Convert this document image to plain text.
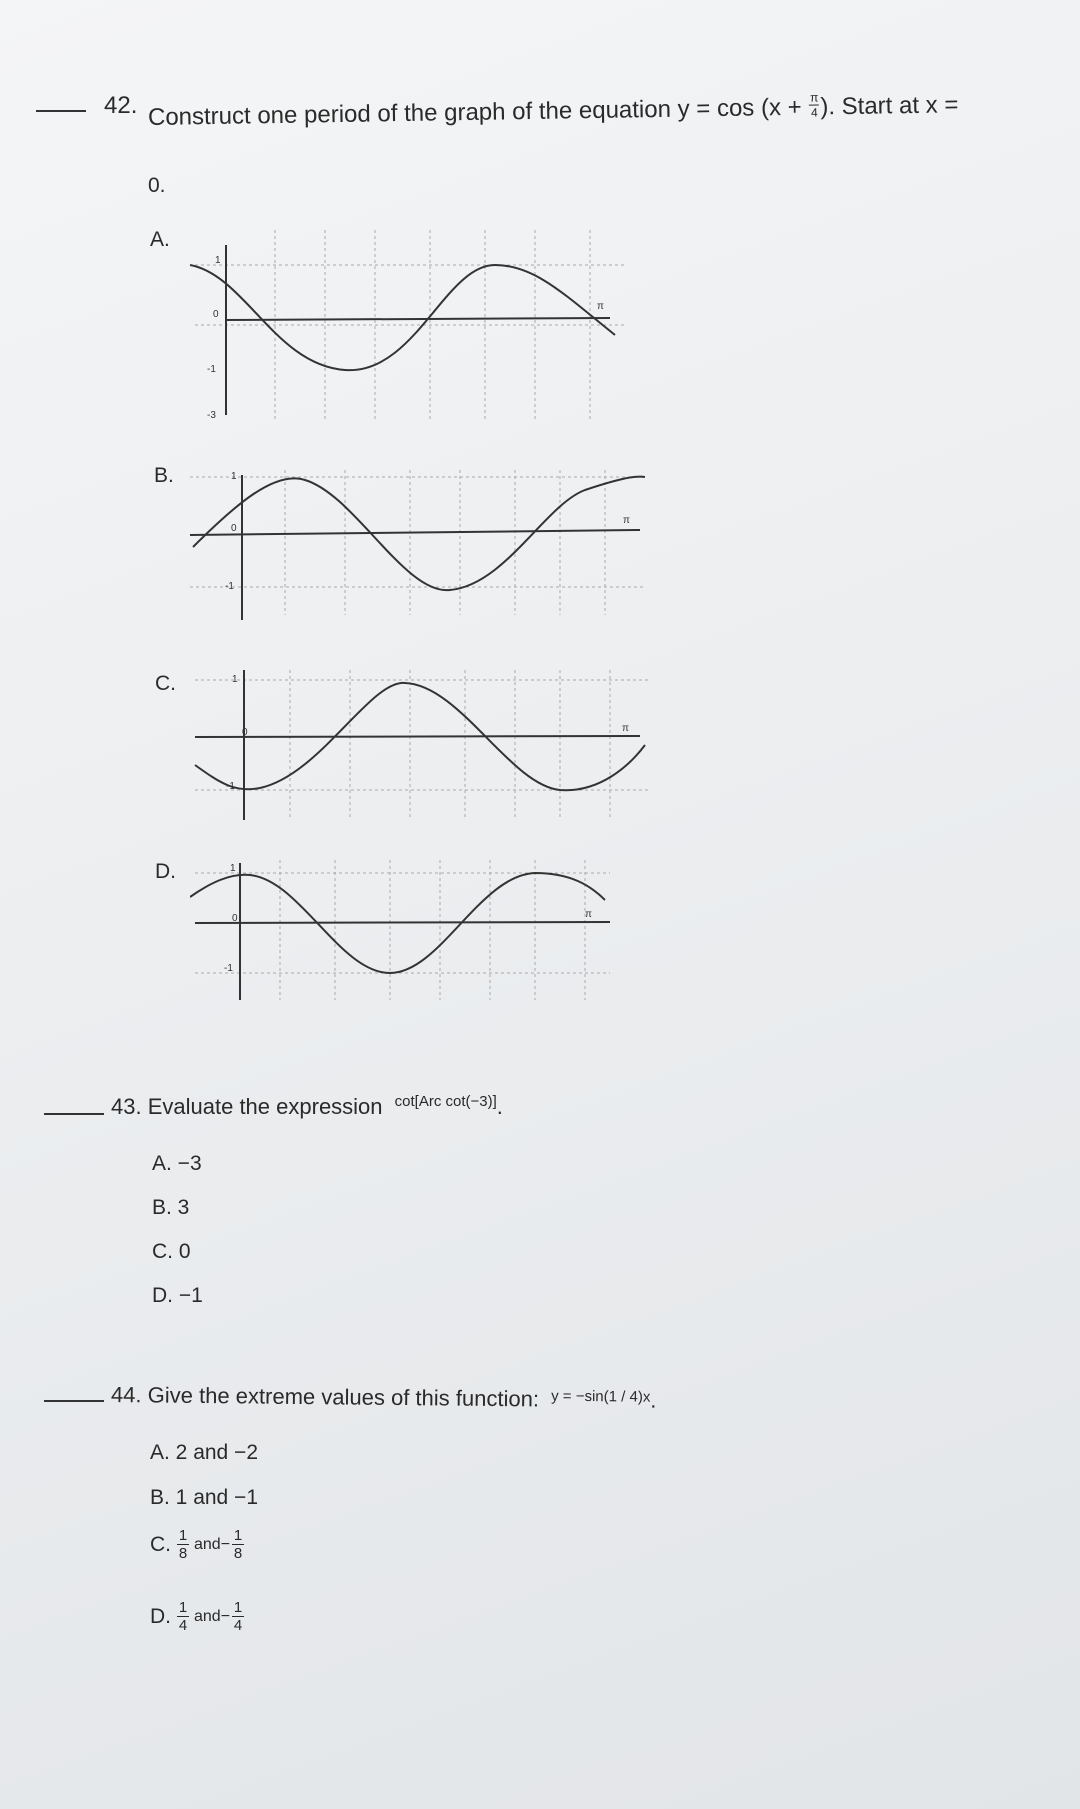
42. Construct one period of the graph of the equation $y = \cos (x + \frac{\pi}{4}$ ). Start at x =
0.
A.
1
0
-1
-3
π
B.	1
0
-1
π
C.	1
0
-1
π
D.	1
0
-1
π
43. Evaluate the expression $^{cot[Arc cot(-3)]}$.
A. −3
B. 3
C. 0
D. −1
44. Give the extreme values of this function: $^{y = -sin(1 / 4)x}$.
A. 2 and −2
B. 1 and −1
C. $\frac{1}{8}$ and − $\frac{1}{8}$
D. $\frac{1}{4}$ and − $\frac{1}{4}$
